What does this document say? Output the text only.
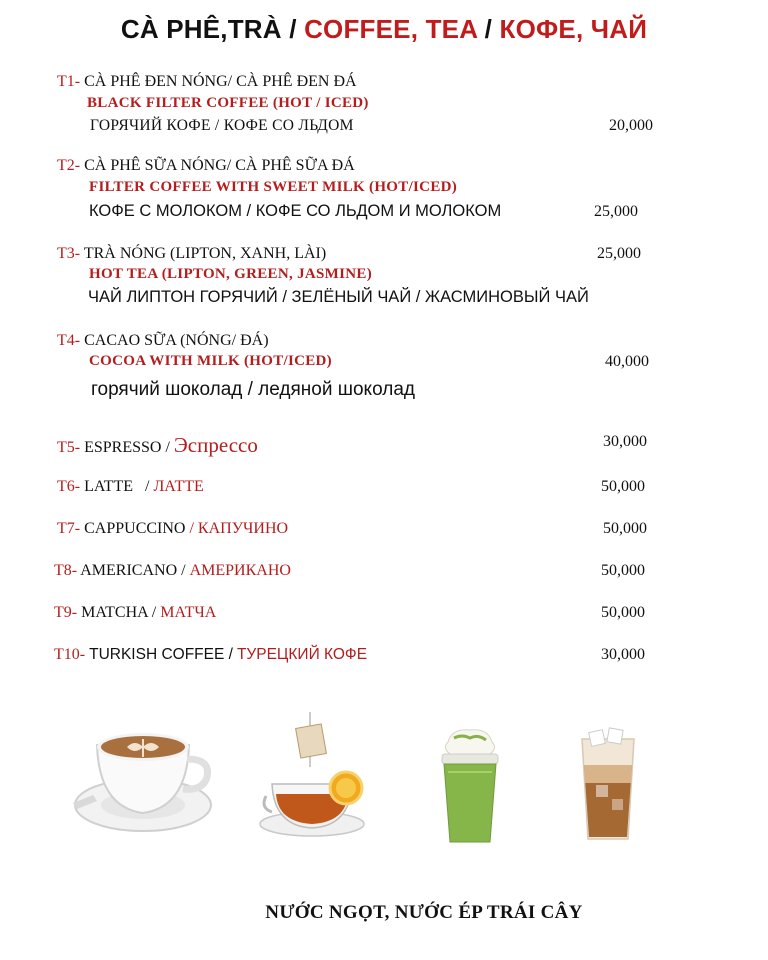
CÀ PHÊ,TRÀ / COFFEE, TEA / КОФЕ, ЧАЙ
T1- CÀ PHÊ ĐEN NÓNG/ CÀ PHÊ ĐEN ĐÁ
BLACK FILTER COFFEE (HOT / ICED)
ГОРЯЧИЙ КОФЕ / КОФЕ СО ЛЬДОМ	20,000
T2- CÀ PHÊ SỮA NÓNG/ CÀ PHÊ SỮA ĐÁ
FILTER COFFEE WITH SWEET MILK (HOT/ICED)
КОФЕ С МОЛОКОМ / КОФЕ СО ЛЬДОМ И МОЛОКОМ	25,000
T3- TRÀ NÓNG (LIPTON, XANH, LÀI)	25,000
HOT TEA (LIPTON, GREEN, JASMINE)
ЧАЙ ЛИПТОН ГОРЯЧИЙ / ЗЕЛЁНЫЙ ЧАЙ / ЖАСМИНОВЫЙ ЧАЙ
T4- CACAO SỮA (NÓNG/ ĐÁ)
COCOA WITH MILK (HOT/ICED)	40,000
горячий шоколад / ледяной шоколад
T5- ESPRESSO / Эспрессо	30,000
T6- LATTE   / ЛАТТЕ	50,000
T7- CAPPUCCINO / КАПУЧИНО	50,000
T8- AMERICANO / АМЕРИКАНО	50,000
T9- MATCHA / МАТЧА	50,000
T10- TURKISH COFFEE / ТУРЕЦКИЙ КОФЕ	30,000
NƯỚC NGỌT, NƯỚC ÉP TRÁI CÂY
